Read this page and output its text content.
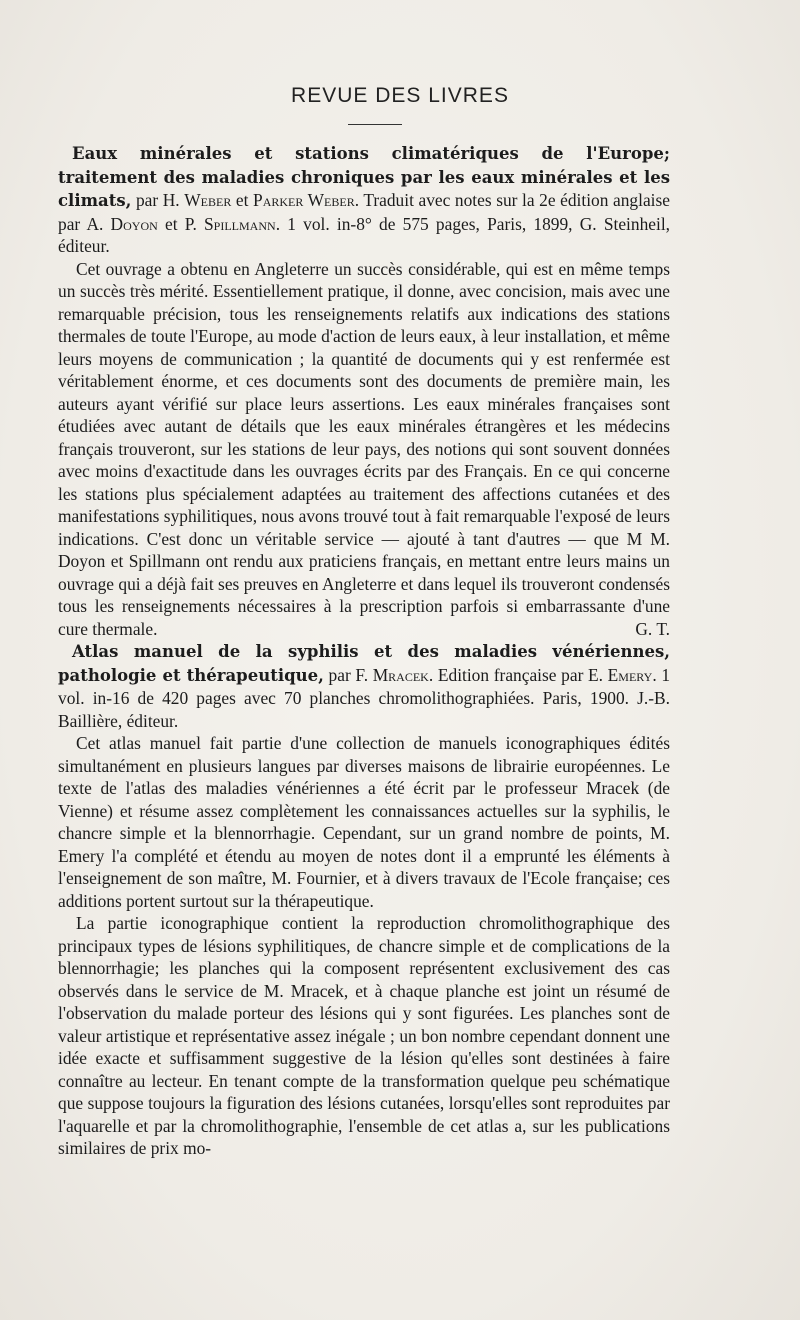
REVUE DES LIVRES

Eaux minérales et stations climatériques de l'Europe; traitement des maladies chroniques par les eaux minérales et les climats, par H. Weber et Parker Weber. Traduit avec notes sur la 2e édition anglaise par A. Doyon et P. Spillmann. 1 vol. in-8° de 575 pages, Paris, 1899, G. Steinheil, éditeur.

Cet ouvrage a obtenu en Angleterre un succès considérable, qui est en même temps un succès très mérité. Essentiellement pratique, il donne, avec concision, mais avec une remarquable précision, tous les renseignements relatifs aux indications des stations thermales de toute l'Europe, au mode d'action de leurs eaux, à leur installation, et même leurs moyens de communication ; la quantité de documents qui y est renfermée est véritablement énorme, et ces documents sont des documents de première main, les auteurs ayant vérifié sur place leurs assertions. Les eaux minérales françaises sont étudiées avec autant de détails que les eaux minérales étrangères et les médecins français trouveront, sur les stations de leur pays, des notions qui sont souvent données avec moins d'exactitude dans les ouvrages écrits par des Français. En ce qui concerne les stations plus spécialement adaptées au traitement des affections cutanées et des manifestations syphilitiques, nous avons trouvé tout à fait remarquable l'exposé de leurs indications. C'est donc un véritable service — ajouté à tant d'autres — que M M. Doyon et Spillmann ont rendu aux praticiens français, en mettant entre leurs mains un ouvrage qui a déjà fait ses preuves en Angleterre et dans lequel ils trouveront condensés tous les renseignements nécessaires à la prescription parfois si embarrassante d'une cure thermale.	G. T.

Atlas manuel de la syphilis et des maladies vénériennes, pathologie et thérapeutique, par F. Mracek. Edition française par E. Emery. 1 vol. in-16 de 420 pages avec 70 planches chromolithographiées. Paris, 1900. J.-B. Baillière, éditeur.

Cet atlas manuel fait partie d'une collection de manuels iconographiques édités simultanément en plusieurs langues par diverses maisons de librairie européennes. Le texte de l'atlas des maladies vénériennes a été écrit par le professeur Mracek (de Vienne) et résume assez complètement les connaissances actuelles sur la syphilis, le chancre simple et la blennorrhagie. Cependant, sur un grand nombre de points, M. Emery l'a complété et étendu au moyen de notes dont il a emprunté les éléments à l'enseignement de son maître, M. Fournier, et à divers travaux de l'Ecole française; ces additions portent surtout sur la thérapeutique.

La partie iconographique contient la reproduction chromolithographique des principaux types de lésions syphilitiques, de chancre simple et de complications de la blennorrhagie; les planches qui la composent représentent exclusivement des cas observés dans le service de M. Mracek, et à chaque planche est joint un résumé de l'observation du malade porteur des lésions qui y sont figurées. Les planches sont de valeur artistique et représentative assez inégale ; un bon nombre cependant donnent une idée exacte et suffisamment suggestive de la lésion qu'elles sont destinées à faire connaître au lecteur. En tenant compte de la transformation quelque peu schématique que suppose toujours la figuration des lésions cutanées, lorsqu'elles sont reproduites par l'aquarelle et par la chromolithographie, l'ensemble de cet atlas a, sur les publications similaires de prix mo-
